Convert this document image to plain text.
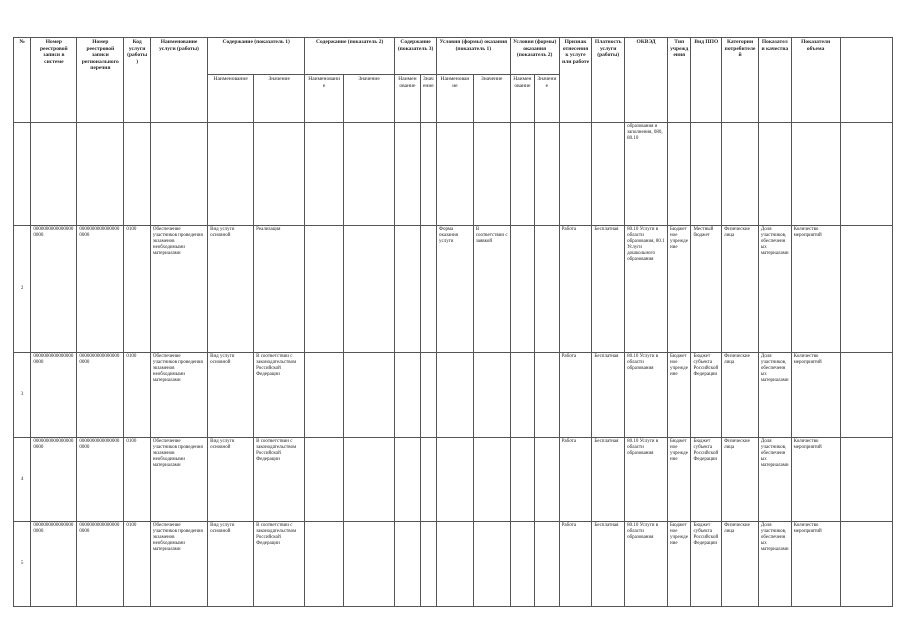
№	Номер реестровой записи в системе	Номер реестровой записи регионального перечня	Код услуги (работы)	Наименование услуги (работы)	Содержание (показатель 1)		Содержание (показатель 2)		Содержание (показатель 3)		Условия (формы) оказания (показатель 1)		Условия (формы) оказания (показатель 2)		Признак отнесения к услуге или работе	Платность услуги (работы)	ОКВЭД	Тип учреждения	Вид ППО	Категории потребителей	Показатели качества	Показатели объема	
					Наименование	Значение	Наименование	Значение	Наименование	Значение	Наименование	Значение	Наименование	Значение									
																	образования и заполнения, 080, 80.10						
2	00000000000000000000	00000000000000000000	0100	Обеспечение участников проведения экзаменов необходимыми материалами	Вид услуги основной	Реализация					Форма оказания услуги	В соответствии с заявкой			Работа	Бесплатная	80.10 Услуги в области образования, 80.1 Услуги дошкольного образования	Бюджетное учреждение	Местный бюджет	Физические лица	Доля участников, обеспеченных материалами	Количество мероприятий	
3	00000000000000000000	00000000000000000000	0100	Обеспечение участников проведения экзаменов необходимыми материалами	Вид услуги основной	В соответствии с законодательством Российской Федерации									Работа	Бесплатная	80.10 Услуги в области образования	Бюджетное учреждение	Бюджет субъекта Российской Федерации	Физические лица	Доля участников, обеспеченных материалами	Количество мероприятий	
4	00000000000000000000	00000000000000000000	0100	Обеспечение участников проведения экзаменов необходимыми материалами	Вид услуги основной	В соответствии с законодательством Российской Федерации									Работа	Бесплатная	80.10 Услуги в области образования	Бюджетное учреждение	Бюджет субъекта Российской Федерации	Физические лица	Доля участников, обеспеченных материалами	Количество мероприятий	
5	00000000000000000000	00000000000000000000	0100	Обеспечение участников проведения экзаменов необходимыми материалами	Вид услуги основной	В соответствии с законодательством Российской Федерации									Работа	Бесплатная	80.10 Услуги в области образования	Бюджетное учреждение	Бюджет субъекта Российской Федерации	Физические лица	Доля участников, обеспеченных материалами	Количество мероприятий	
